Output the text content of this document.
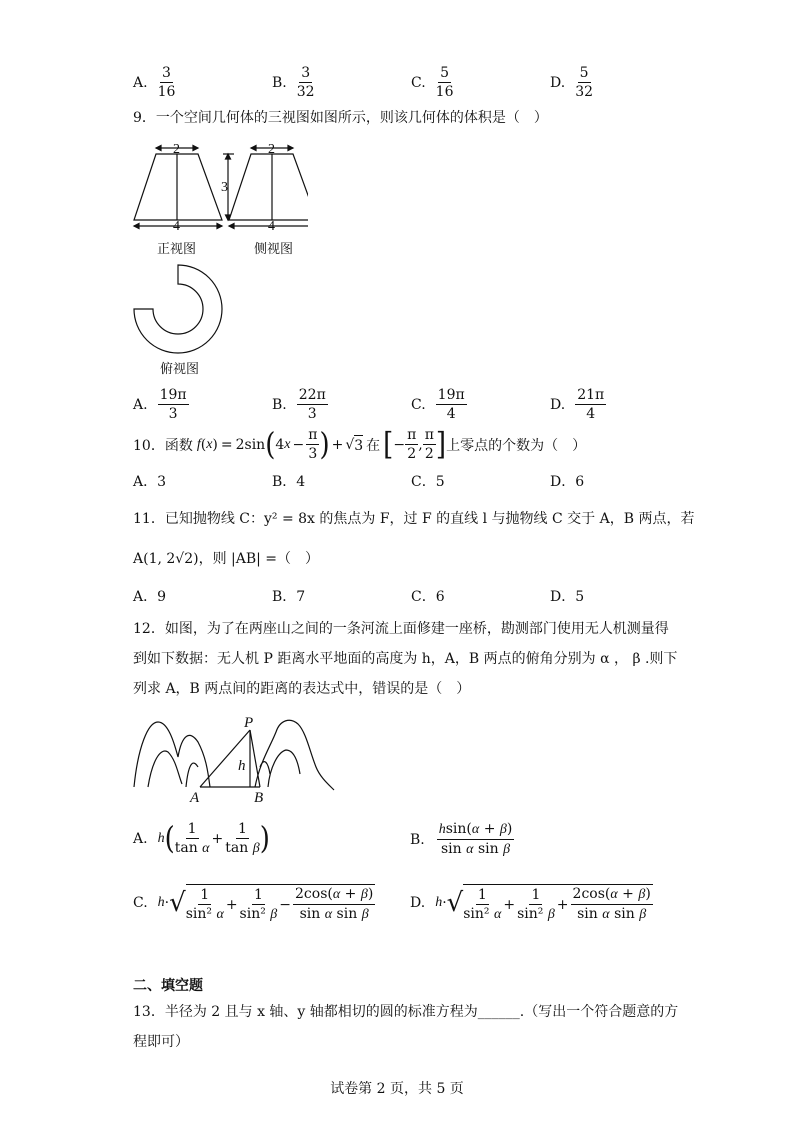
A. $\frac{3}{16}$	B. $\frac{3}{32}$	C. $\frac{5}{16}$	D. $\frac{5}{32}$
9．一个空间几何体的三视图如图所示，则该几何体的体积是（　）
2	2
4	4
3
正视图	侧视图
俯视图
A. $\frac{19\pi}{3}$	B. $\frac{22\pi}{3}$	C. $\frac{19\pi}{4}$	D. $\frac{21\pi}{4}$
10．函数 f ( x ) = 2sin ( 4 $x - \frac{\pi}{3}$ ) + √ 3 在 [ − $\frac{\pi}{2}$ , $\frac{\pi}{2}$ ] 上零点的个数为（　）
A．3	B．4	C．5	D．6
11．已知抛物线 C：y² = 8x 的焦点为 F，过 F 的直线 l 与抛物线 C 交于 A，B 两点，若
A(1, 2√2)，则 |AB| =（　）
A．9	B．7	C．6	D．5
12．如图，为了在两座山之间的一条河流上面修建一座桥，勘测部门使用无人机测量得
到如下数据：无人机 P 距离水平地面的高度为 h，A，B 两点的俯角分别为 α ， β .则下
列求 A，B 两点间的距离的表达式中，错误的是（　）
P
h
A	B
A. h ( $\frac{1}{\text{tan α}} + \frac{1}{\text{tan β}}$ )	B. $\frac{hsin(\alpha + \beta)}{\text{sin α sin β}}$
C. h · √ $\frac{1}{\text{sin² α}} + \frac{1}{\text{sin² β}} - \frac{2\cos(\alpha + \beta)}{\text{sin α sin β}} D$. h · √ $\frac{1}{\text{sin² α}} + \frac{1}{\text{sin² β}} + \frac{2\cos(\alpha + \beta)}{\text{sin α sin β}}$
二、填空题
13．半径为 2 且与 x 轴、y 轴都相切的圆的标准方程为______.（写出一个符合题意的方
程即可）
试卷第 2 页，共 5 页
